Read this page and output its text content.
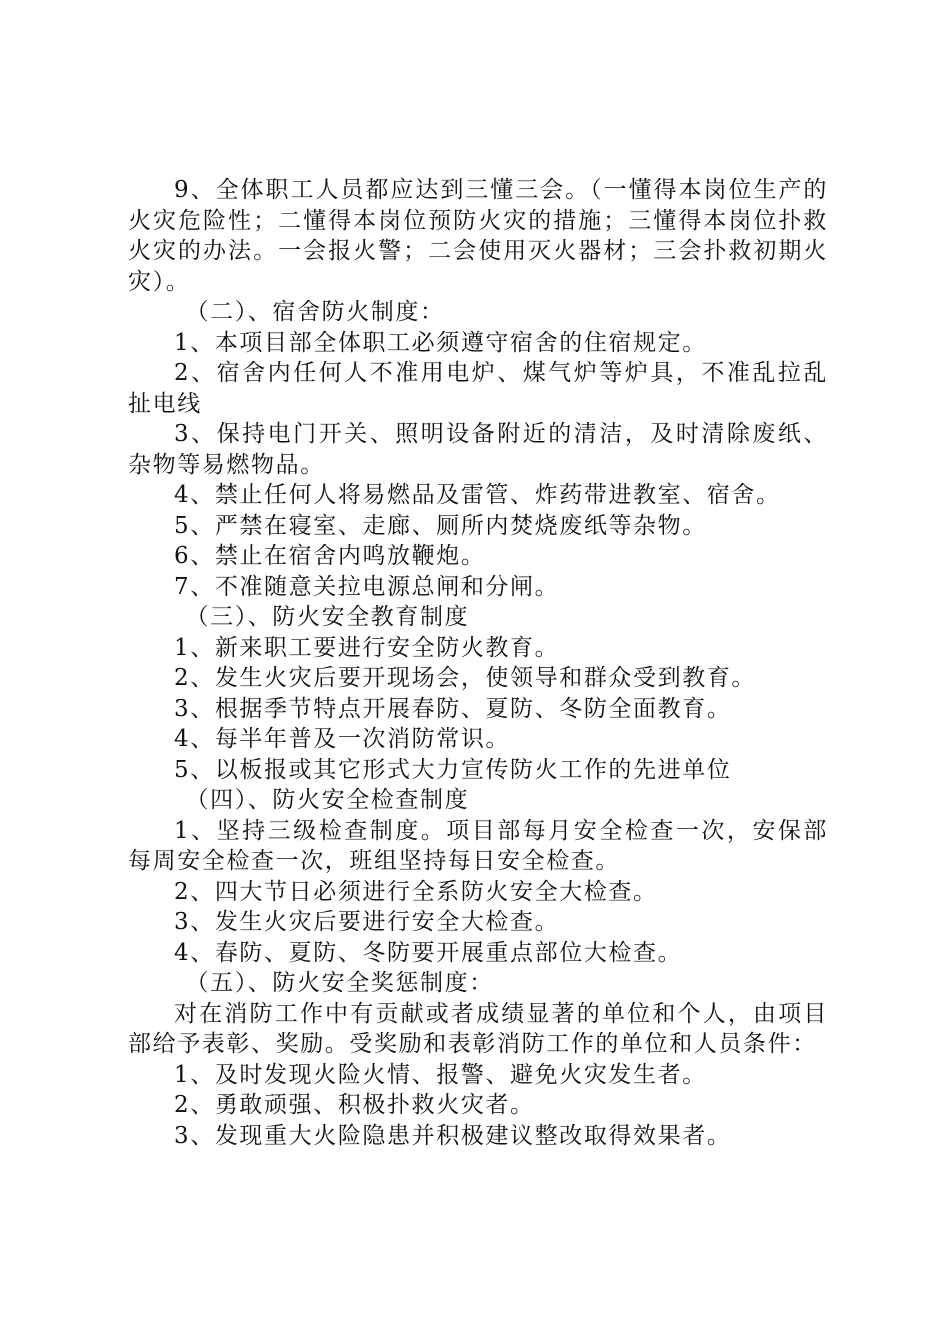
9、全体职工人员都应达到三懂三会。（一懂得本岗位生产的火灾危险性；二懂得本岗位预防火灾的措施；三懂得本岗位扑救火灾的办法。一会报火警；二会使用灭火器材；三会扑救初期火灾）。

（二）、宿舍防火制度：

1、本项目部全体职工必须遵守宿舍的住宿规定。

2、宿舍内任何人不准用电炉、煤气炉等炉具，不准乱拉乱扯电线

3、保持电门开关、照明设备附近的清洁，及时清除废纸、杂物等易燃物品。

4、禁止任何人将易燃品及雷管、炸药带进教室、宿舍。

5、严禁在寝室、走廊、厕所内焚烧废纸等杂物。

6、禁止在宿舍内鸣放鞭炮。

7、不准随意关拉电源总闸和分闸。

（三）、防火安全教育制度

1、新来职工要进行安全防火教育。

2、发生火灾后要开现场会，使领导和群众受到教育。

3、根据季节特点开展春防、夏防、冬防全面教育。

4、每半年普及一次消防常识。

5、以板报或其它形式大力宣传防火工作的先进单位

（四）、防火安全检查制度

1、坚持三级检查制度。项目部每月安全检查一次，安保部每周安全检查一次，班组坚持每日安全检查。

2、四大节日必须进行全系防火安全大检查。

3、发生火灾后要进行安全大检查。

4、春防、夏防、冬防要开展重点部位大检查。

（五）、防火安全奖惩制度：

对在消防工作中有贡献或者成绩显著的单位和个人，由项目部给予表彰、奖励。受奖励和表彰消防工作的单位和人员条件：

1、及时发现火险火情、报警、避免火灾发生者。

2、勇敢顽强、积极扑救火灾者。

3、发现重大火险隐患并积极建议整改取得效果者。
